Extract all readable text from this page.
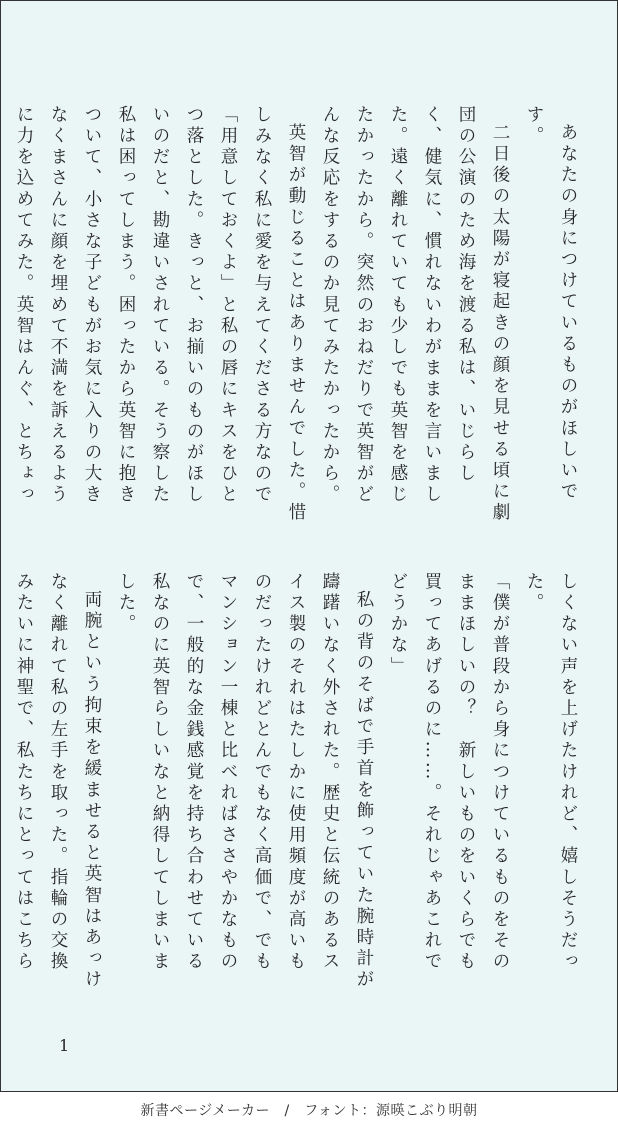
あなたの身につけているものがほしいです。

二日後の太陽が寝起きの顔を見せる頃に劇団の公演のため海を渡る私は、いじらしく、健気に、慣れないわがままを言いました。遠く離れていても少しでも英智を感じたかったから。突然のおねだりで英智がどんな反応をするのか見てみたかったから。

英智が動じることはありませんでした。惜しみなく私に愛を与えてくださる方なので「用意しておくよ」と私の唇にキスをひとつ落とした。きっと、お揃いのものがほしいのだと、勘違いされている。そう察した私は困ってしまう。困ったから英智に抱きついて、小さな子どもがお気に入りの大きなくまさんに顔を埋めて不満を訴えるように力を込めてみた。英智はんぐ、とちょっ

しくない声を上げたけれど、嬉しそうだった。

「僕が普段から身につけているものをそのままほしいの？　新しいものをいくらでも買ってあげるのに……。それじゃあこれでどうかな」

私の背のそばで手首を飾っていた腕時計が躊躇いなく外された。歴史と伝統のあるスイス製のそれはたしかに使用頻度が高いものだったけれどとんでもなく高価で、でもマンション一棟と比べればささやかなもので、一般的な金銭感覚を持ち合わせている私なのに英智らしいなと納得してしまいました。

両腕という拘束を緩ませると英智はあっけなく離れて私の左手を取った。指輪の交換みたいに神聖で、私たちにとってはこちら

1
新書ページメーカー　/　フォント：源暎こぶり明朝
